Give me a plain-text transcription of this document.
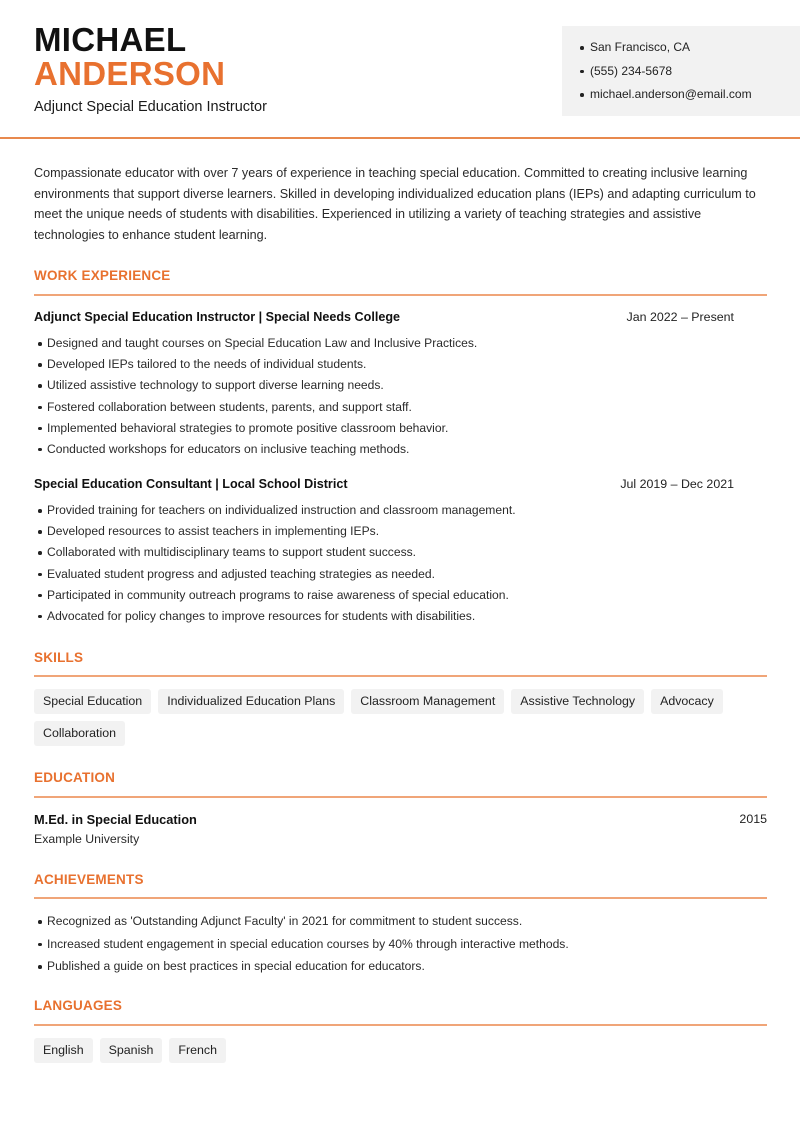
MICHAEL
ANDERSON
Adjunct Special Education Instructor
San Francisco, CA
(555) 234-5678
michael.anderson@email.com
Compassionate educator with over 7 years of experience in teaching special education. Committed to creating inclusive learning environments that support diverse learners. Skilled in developing individualized education plans (IEPs) and adapting curriculum to meet the unique needs of students with disabilities. Experienced in utilizing a variety of teaching strategies and assistive technologies to enhance student learning.
WORK EXPERIENCE
Adjunct Special Education Instructor | Special Needs College	Jan 2022 – Present
Designed and taught courses on Special Education Law and Inclusive Practices.
Developed IEPs tailored to the needs of individual students.
Utilized assistive technology to support diverse learning needs.
Fostered collaboration between students, parents, and support staff.
Implemented behavioral strategies to promote positive classroom behavior.
Conducted workshops for educators on inclusive teaching methods.
Special Education Consultant | Local School District	Jul 2019 – Dec 2021
Provided training for teachers on individualized instruction and classroom management.
Developed resources to assist teachers in implementing IEPs.
Collaborated with multidisciplinary teams to support student success.
Evaluated student progress and adjusted teaching strategies as needed.
Participated in community outreach programs to raise awareness of special education.
Advocated for policy changes to improve resources for students with disabilities.
SKILLS
Special Education Individualized Education Plans Classroom Management Assistive Technology Advocacy
Collaboration
EDUCATION
M.Ed. in Special Education	2015
Example University
ACHIEVEMENTS
Recognized as 'Outstanding Adjunct Faculty' in 2021 for commitment to student success.
Increased student engagement in special education courses by 40% through interactive methods.
Published a guide on best practices in special education for educators.
LANGUAGES
English Spanish French
